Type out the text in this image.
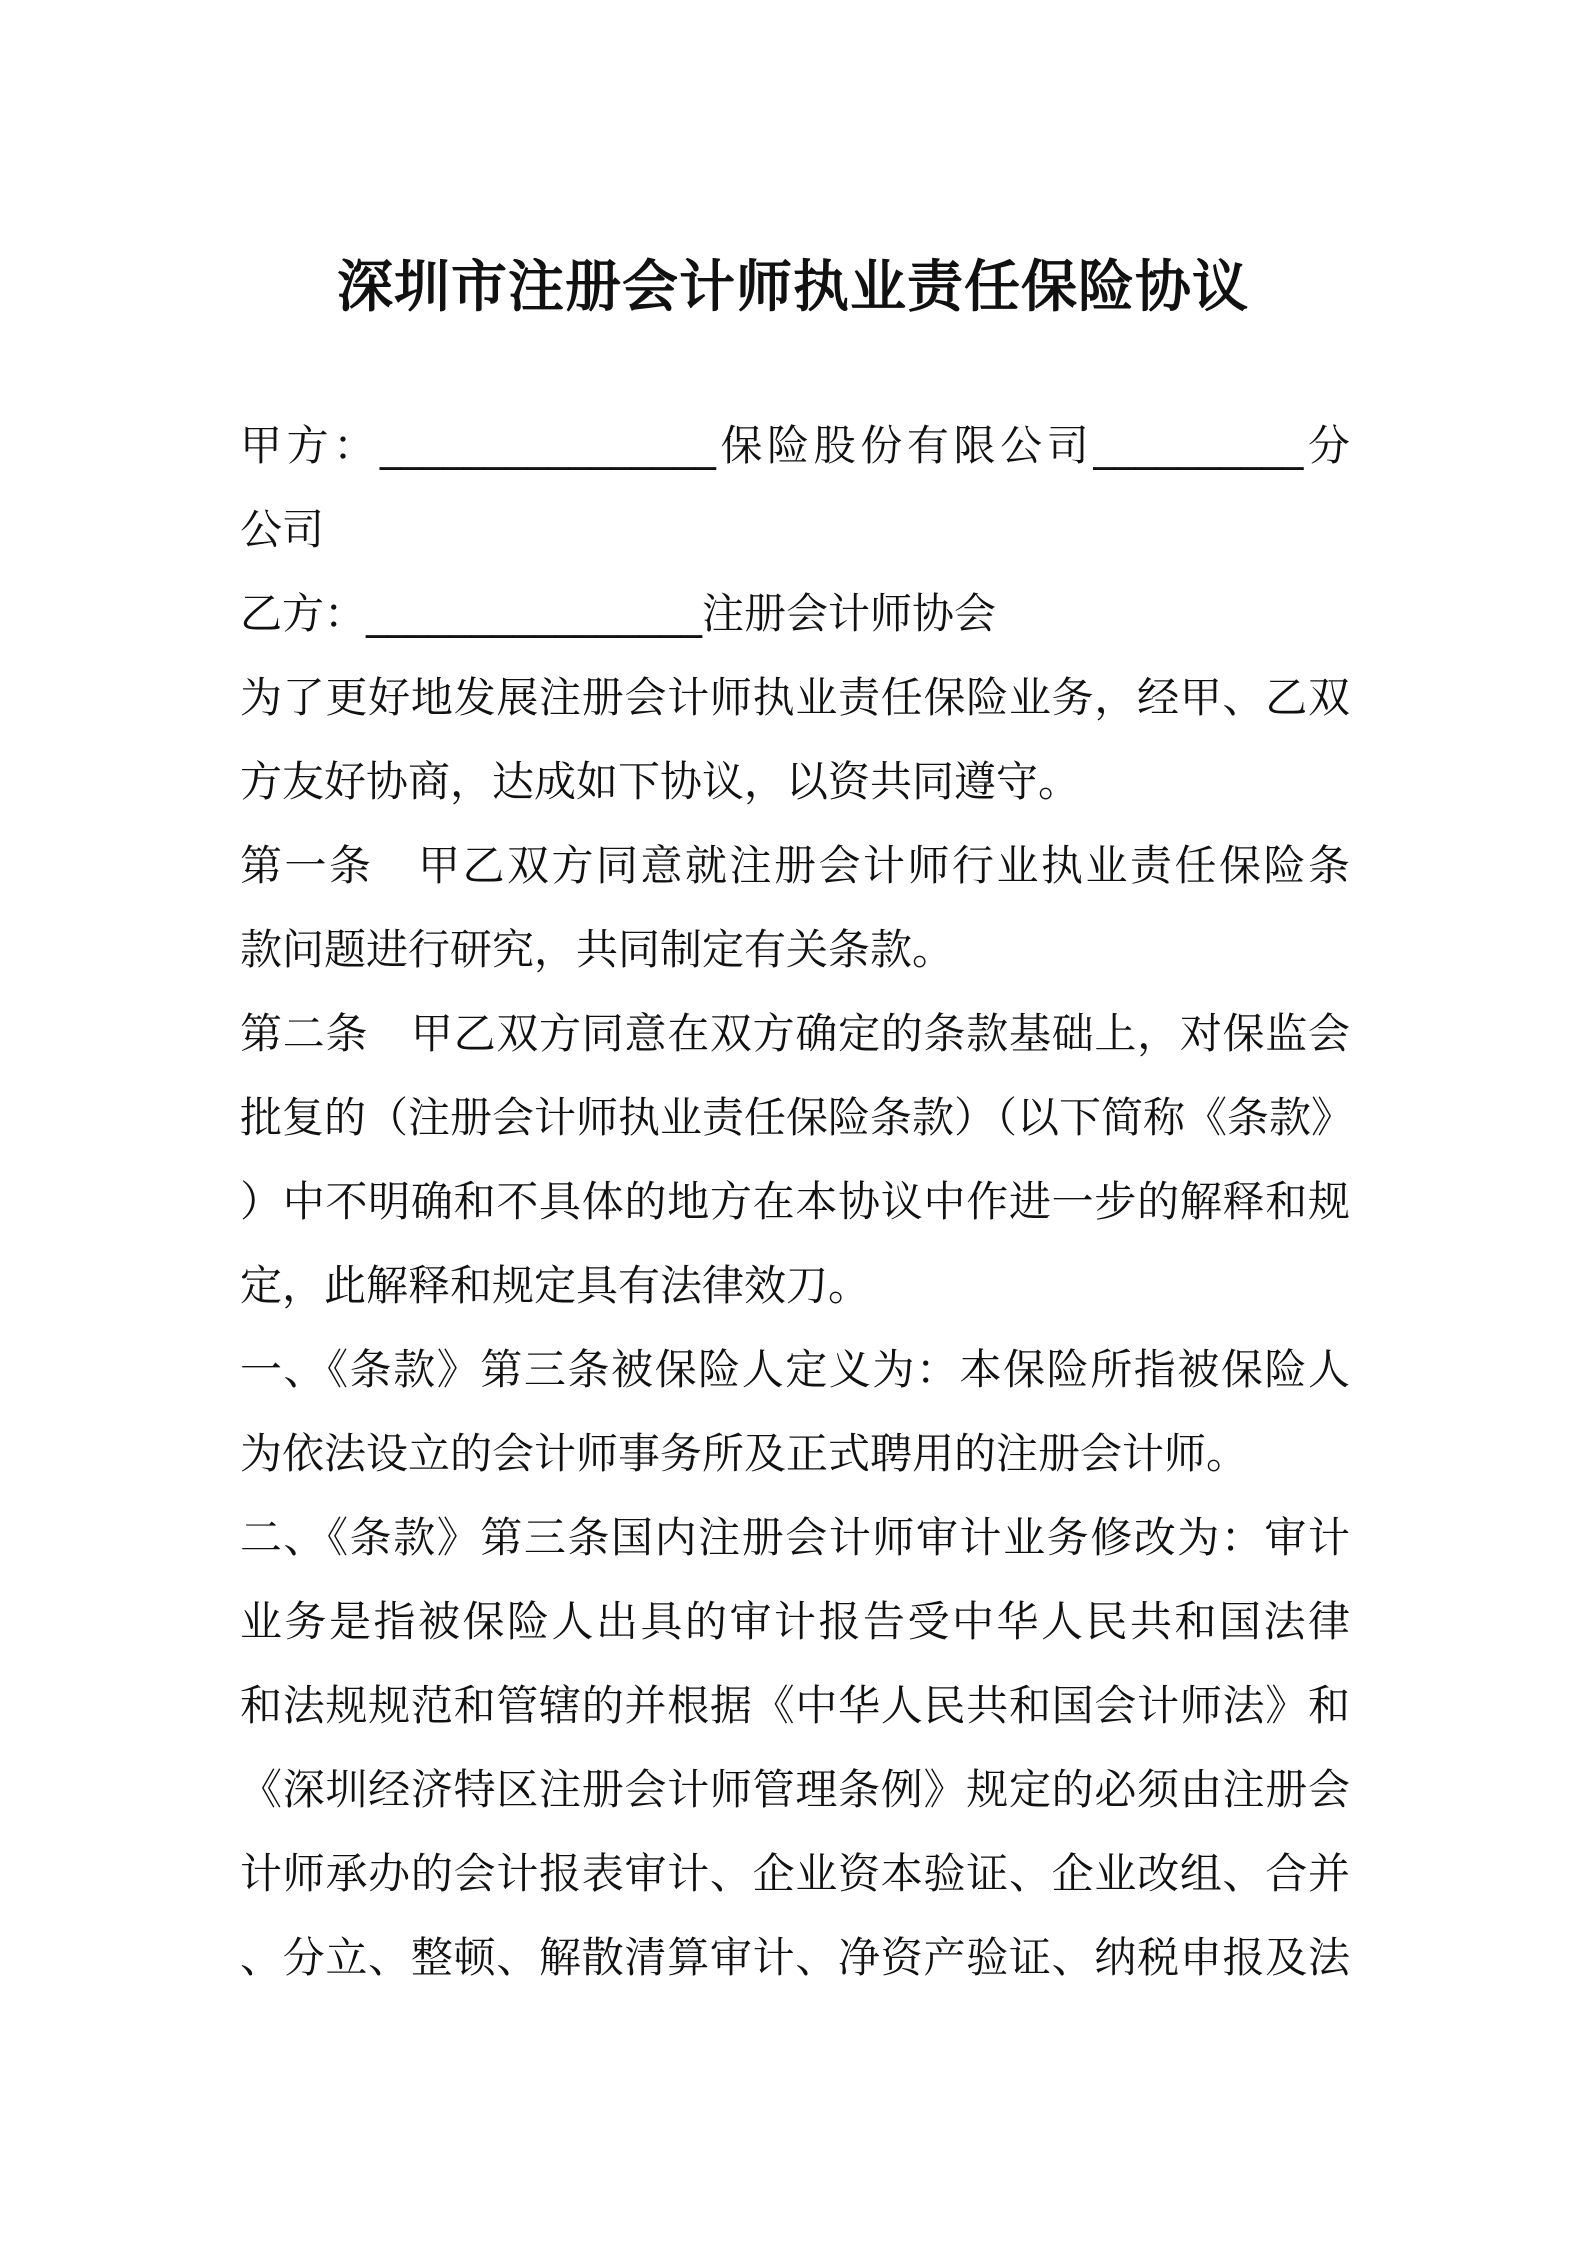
深圳市注册会计师执业责任保险协议
甲方：________________保险股份有限公司__________分
公司
乙方：________________注册会计师协会
为了更好地发展注册会计师执业责任保险业务，经甲、乙双
方友好协商，达成如下协议，以资共同遵守。
第一条　甲乙双方同意就注册会计师行业执业责任保险条
款问题进行研究，共同制定有关条款。
第二条　甲乙双方同意在双方确定的条款基础上，对保监会
批复的（注册会计师执业责任保险条款）（以下简称《条款》
）中不明确和不具体的地方在本协议中作进一步的解释和规
定，此解释和规定具有法律效刀。
一、《条款》第三条被保险人定义为：本保险所指被保险人
为依法设立的会计师事务所及正式聘用的注册会计师。
二、《条款》第三条国内注册会计师审计业务修改为：审计
业务是指被保险人出具的审计报告受中华人民共和国法律
和法规规范和管辖的并根据《中华人民共和国会计师法》和
《深圳经济特区注册会计师管理条例》规定的必须由注册会
计师承办的会计报表审计、企业资本验证、企业改组、合并
、分立、整顿、解散清算审计、净资产验证、纳税申报及法
